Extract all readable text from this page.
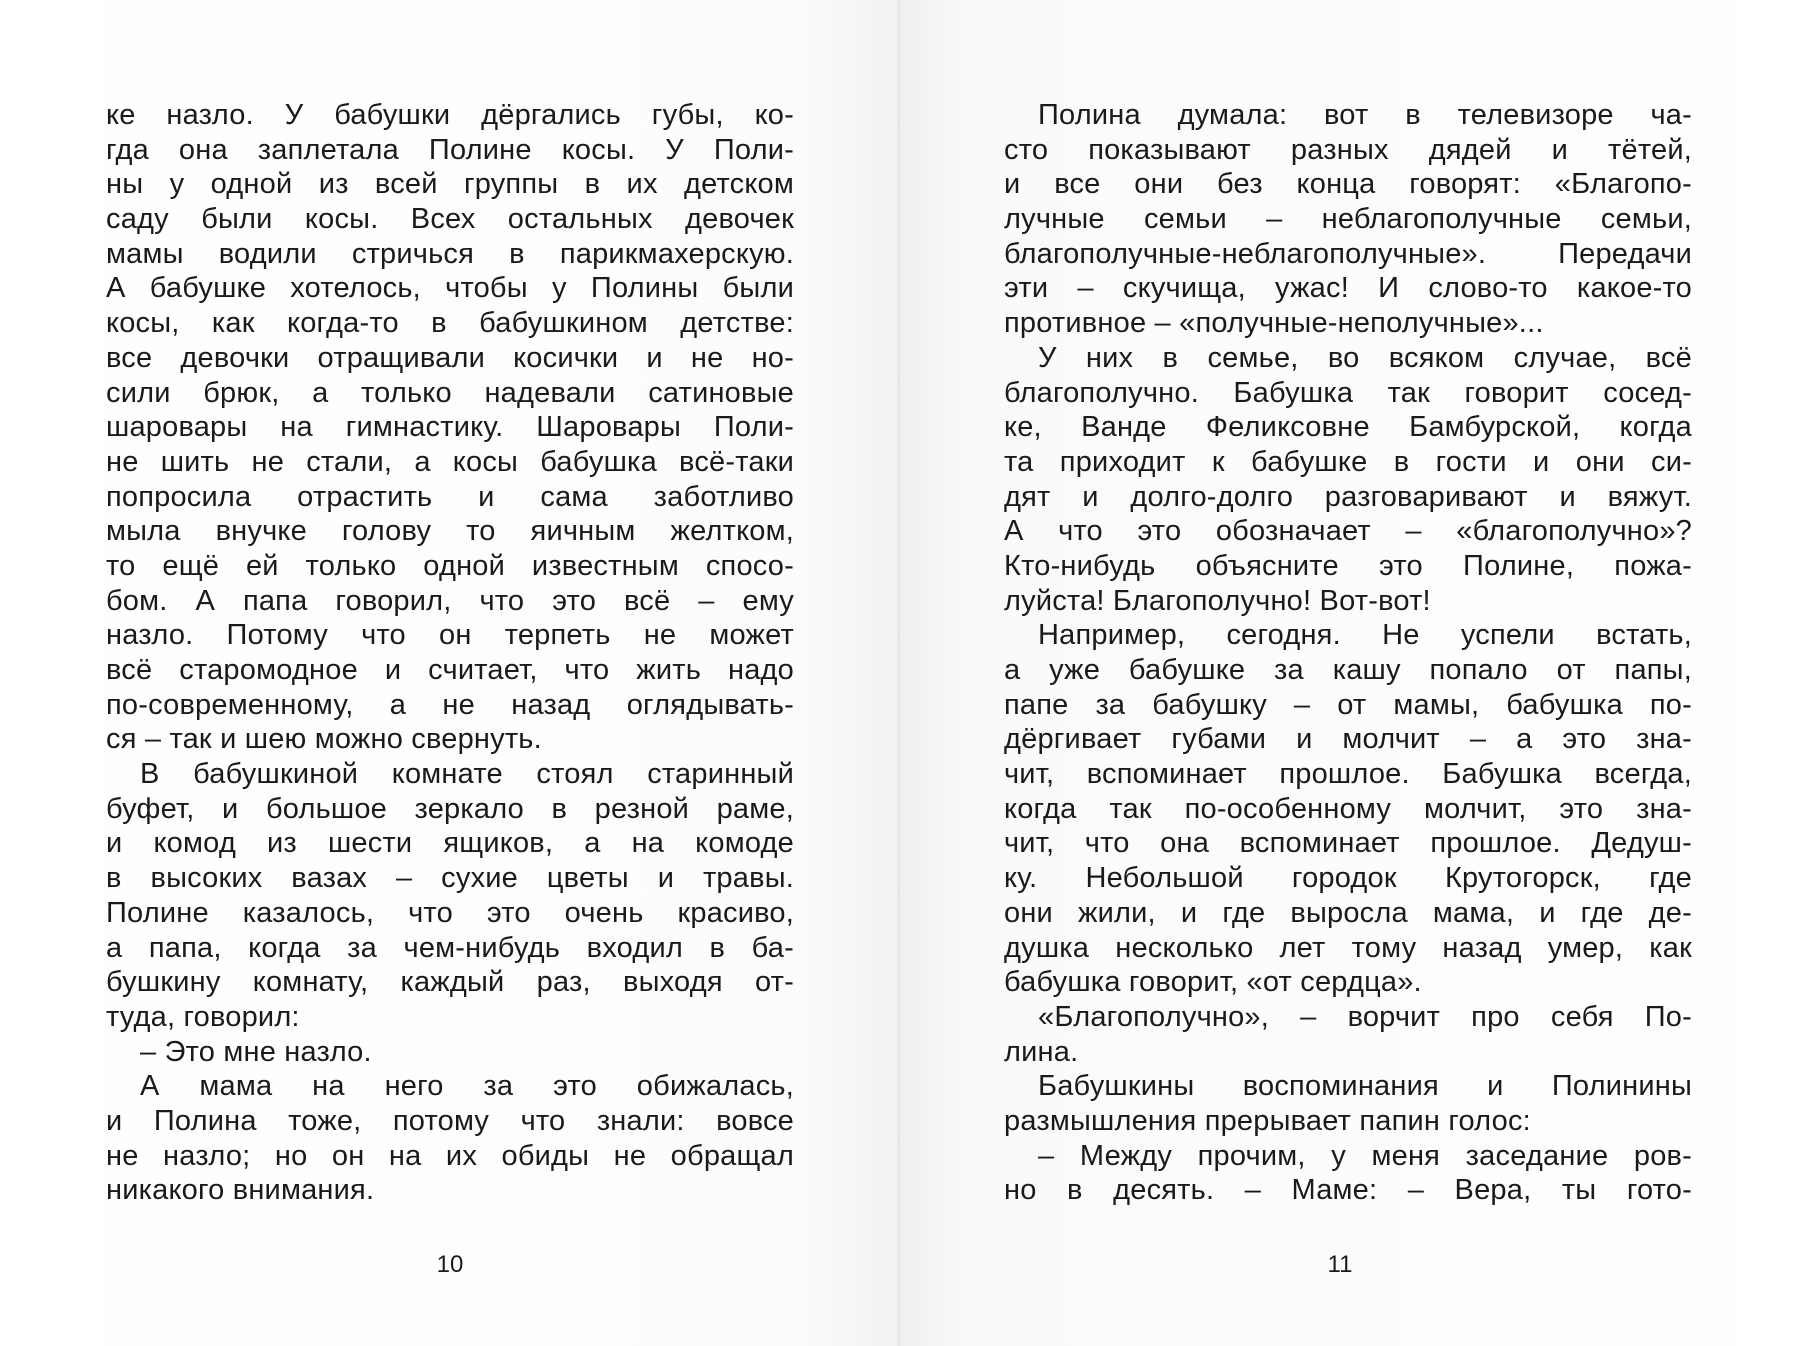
ке назло. У бабушки дёргались губы, ко-
гда она заплетала Полине косы. У Поли-
ны у одной из всей группы в их детском
саду были косы. Всех остальных девочек
мамы водили стричься в парикмахерскую.
А бабушке хотелось, чтобы у Полины были
косы, как когда-то в бабушкином детстве:
все девочки отращивали косички и не но-
сили брюк, а только надевали сатиновые
шаровары на гимнастику. Шаровары Поли-
не шить не стали, а косы бабушка всё-таки
попросила отрастить и сама заботливо
мыла внучке голову то яичным желтком,
то ещё ей только одной известным спосо-
бом. А папа говорил, что это всё – ему
назло. Потому что он терпеть не может
всё старомодное и считает, что жить надо
по-современному, а не назад оглядывать-
ся – так и шею можно свернуть.
В бабушкиной комнате стоял старинный
буфет, и большое зеркало в резной раме,
и комод из шести ящиков, а на комоде
в высоких вазах – сухие цветы и травы.
Полине казалось, что это очень красиво,
а папа, когда за чем-нибудь входил в ба-
бушкину комнату, каждый раз, выходя от-
туда, говорил:
– Это мне назло.
А мама на него за это обижалась,
и Полина тоже, потому что знали: вовсе
не назло; но он на их обиды не обращал
никакого внимания.
10
Полина думала: вот в телевизоре ча-
сто показывают разных дядей и тётей,
и все они без конца говорят: «Благопо-
лучные семьи – неблагополучные семьи,
благополучные-неблагополучные». Передачи
эти – скучища, ужас! И слово-то какое-то
противное – «получные-неполучные»...
У них в семье, во всяком случае, всё
благополучно. Бабушка так говорит сосед-
ке, Ванде Феликсовне Бамбурской, когда
та приходит к бабушке в гости и они си-
дят и долго-долго разговаривают и вяжут.
А что это обозначает – «благополучно»?
Кто-нибудь объясните это Полине, пожа-
луйста! Благополучно! Вот-вот!
Например, сегодня. Не успели встать,
а уже бабушке за кашу попало от папы,
папе за бабушку – от мамы, бабушка по-
дёргивает губами и молчит – а это зна-
чит, вспоминает прошлое. Бабушка всегда,
когда так по-особенному молчит, это зна-
чит, что она вспоминает прошлое. Дедуш-
ку. Небольшой городок Крутогорск, где
они жили, и где выросла мама, и где де-
душка несколько лет тому назад умер, как
бабушка говорит, «от сердца».
«Благополучно», – ворчит про себя По-
лина.
Бабушкины воспоминания и Полинины
размышления прерывает папин голос:
– Между прочим, у меня заседание ров-
но в десять. – Маме: – Вера, ты гото-
11
